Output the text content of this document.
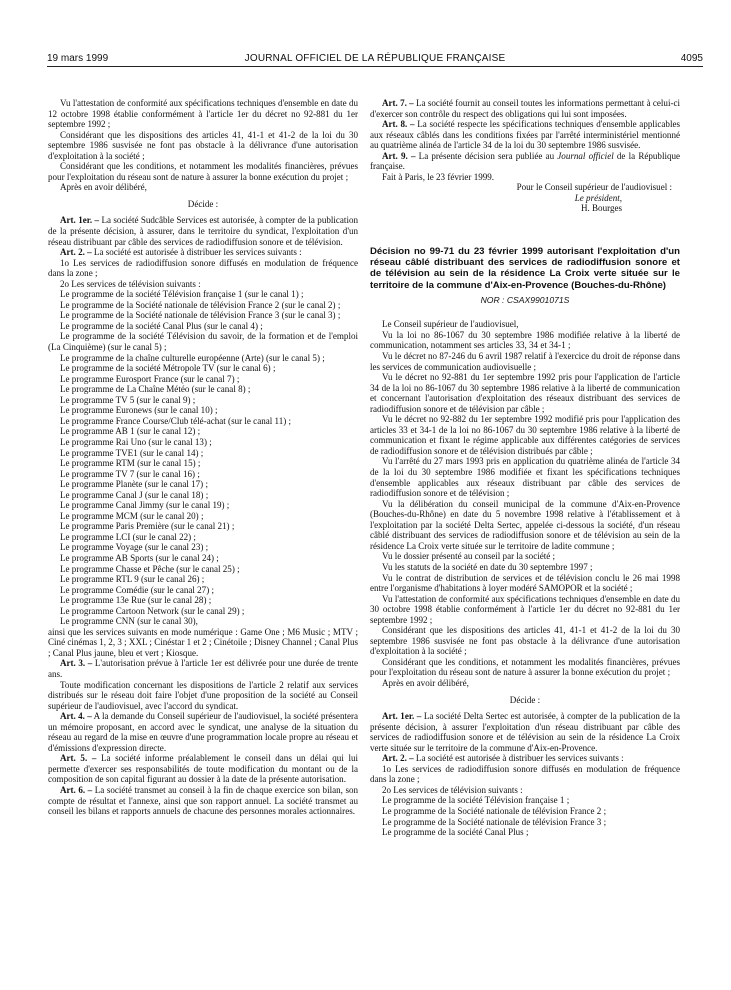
19 mars 1999	JOURNAL OFFICIEL DE LA RÉPUBLIQUE FRANÇAISE	4095

Vu l'attestation de conformité aux spécifications techniques d'ensemble en date du 12 octobre 1998 établie conformément à l'article 1er du décret no 92-881 du 1er septembre 1992 ;

Considérant que les dispositions des articles 41, 41-1 et 41-2 de la loi du 30 septembre 1986 susvisée ne font pas obstacle à la délivrance d'une autorisation d'exploitation à la société ;

Considérant que les conditions, et notamment les modalités financières, prévues pour l'exploitation du réseau sont de nature à assurer la bonne exécution du projet ;

Après en avoir délibéré,

Décide :

Art. 1er. – La société Sudcâble Services est autorisée, à compter de la publication de la présente décision, à assurer, dans le territoire du syndicat, l'exploitation d'un réseau distribuant par câble des services de radiodiffusion sonore et de télévision.

Art. 2. – La société est autorisée à distribuer les services suivants :

1o Les services de radiodiffusion sonore diffusés en modulation de fréquence dans la zone ;

2o Les services de télévision suivants :

Le programme de la société Télévision française 1 (sur le canal 1) ;

Le programme de la Société nationale de télévision France 2 (sur le canal 2) ;

Le programme de la Société nationale de télévision France 3 (sur le canal 3) ;

Le programme de la société Canal Plus (sur le canal 4) ;

Le programme de la société Télévision du savoir, de la formation et de l'emploi (La Cinquième) (sur le canal 5) ;

Le programme de la chaîne culturelle européenne (Arte) (sur le canal 5) ;

Le programme de la société Métropole TV (sur le canal 6) ;

Le programme Eurosport France (sur le canal 7) ;

Le programme de La Chaîne Météo (sur le canal 8) ;

Le programme TV 5 (sur le canal 9) ;

Le programme Euronews (sur le canal 10) ;

Le programme France Course/Club télé-achat (sur le canal 11) ;

Le programme AB 1 (sur le canal 12) ;

Le programme Rai Uno (sur le canal 13) ;

Le programme TVE1 (sur le canal 14) ;

Le programme RTM (sur le canal 15) ;

Le programme TV 7 (sur le canal 16) ;

Le programme Planète (sur le canal 17) ;

Le programme Canal J (sur le canal 18) ;

Le programme Canal Jimmy (sur le canal 19) ;

Le programme MCM (sur le canal 20) ;

Le programme Paris Première (sur le canal 21) ;

Le programme LCI (sur le canal 22) ;

Le programme Voyage (sur le canal 23) ;

Le programme AB Sports (sur le canal 24) ;

Le programme Chasse et Pêche (sur le canal 25) ;

Le programme RTL 9 (sur le canal 26) ;

Le programme Comédie (sur le canal 27) ;

Le programme 13e Rue (sur le canal 28) ;

Le programme Cartoon Network (sur le canal 29) ;

Le programme CNN (sur le canal 30),

ainsi que les services suivants en mode numérique : Game One ; M6 Music ; MTV ; Ciné cinémas 1, 2, 3 ; XXL ; Cinéstar 1 et 2 ; Cinétoile ; Disney Channel ; Canal Plus ; Canal Plus jaune, bleu et vert ; Kiosque.

Art. 3. – L'autorisation prévue à l'article 1er est délivrée pour une durée de trente ans.

Toute modification concernant les dispositions de l'article 2 relatif aux services distribués sur le réseau doit faire l'objet d'une proposition de la société au Conseil supérieur de l'audiovisuel, avec l'accord du syndicat.

Art. 4. – A la demande du Conseil supérieur de l'audiovisuel, la société présentera un mémoire proposant, en accord avec le syndicat, une analyse de la situation du réseau au regard de la mise en œuvre d'une programmation locale propre au réseau et d'émissions d'expression directe.

Art. 5. – La société informe préalablement le conseil dans un délai qui lui permette d'exercer ses responsabilités de toute modification du montant ou de la composition de son capital figurant au dossier à la date de la présente autorisation.

Art. 6. – La société transmet au conseil à la fin de chaque exercice son bilan, son compte de résultat et l'annexe, ainsi que son rapport annuel. La société transmet au conseil les bilans et rapports annuels de chacune des personnes morales actionnaires.

Art. 7. – La société fournit au conseil toutes les informations permettant à celui-ci d'exercer son contrôle du respect des obligations qui lui sont imposées.

Art. 8. – La société respecte les spécifications techniques d'ensemble applicables aux réseaux câblés dans les conditions fixées par l'arrêté interministériel mentionné au quatrième alinéa de l'article 34 de la loi du 30 septembre 1986 susvisée.

Art. 9. – La présente décision sera publiée au Journal officiel de la République française.

Fait à Paris, le 23 février 1999.

Pour le Conseil supérieur de l'audiovisuel :

Le président,

H. Bourges

Décision no 99-71 du 23 février 1999 autorisant l'exploitation d'un réseau câblé distribuant des services de radiodiffusion sonore et de télévision au sein de la résidence La Croix verte située sur le territoire de la commune d'Aix-en-Provence (Bouches-du-Rhône)
NOR : CSAX9901071S

Le Conseil supérieur de l'audiovisuel,

Vu la loi no 86-1067 du 30 septembre 1986 modifiée relative à la liberté de communication, notamment ses articles 33, 34 et 34-1 ;

Vu le décret no 87-246 du 6 avril 1987 relatif à l'exercice du droit de réponse dans les services de communication audiovisuelle ;

Vu le décret no 92-881 du 1er septembre 1992 pris pour l'application de l'article 34 de la loi no 86-1067 du 30 septembre 1986 relative à la liberté de communication et concernant l'autorisation d'exploitation des réseaux distribuant des services de radiodiffusion sonore et de télévision par câble ;

Vu le décret no 92-882 du 1er septembre 1992 modifié pris pour l'application des articles 33 et 34-1 de la loi no 86-1067 du 30 septembre 1986 relative à la liberté de communication et fixant le régime applicable aux différentes catégories de services de radiodiffusion sonore et de télévision distribués par câble ;

Vu l'arrêté du 27 mars 1993 pris en application du quatrième alinéa de l'article 34 de la loi du 30 septembre 1986 modifiée et fixant les spécifications techniques d'ensemble applicables aux réseaux distribuant par câble des services de radiodiffusion sonore et de télévision ;

Vu la délibération du conseil municipal de la commune d'Aix-en-Provence (Bouches-du-Rhône) en date du 5 novembre 1998 relative à l'établissement et à l'exploitation par la société Delta Sertec, appelée ci-dessous la société, d'un réseau câblé distribuant des services de radiodiffusion sonore et de télévision au sein de la résidence La Croix verte située sur le territoire de ladite commune ;

Vu le dossier présenté au conseil par la société ;

Vu les statuts de la société en date du 30 septembre 1997 ;

Vu le contrat de distribution de services et de télévision conclu le 26 mai 1998 entre l'organisme d'habitations à loyer modéré SAMOPOR et la société ;

Vu l'attestation de conformité aux spécifications techniques d'ensemble en date du 30 octobre 1998 établie conformément à l'article 1er du décret no 92-881 du 1er septembre 1992 ;

Considérant que les dispositions des articles 41, 41-1 et 41-2 de la loi du 30 septembre 1986 susvisée ne font pas obstacle à la délivrance d'une autorisation d'exploitation à la société ;

Considérant que les conditions, et notamment les modalités financières, prévues pour l'exploitation du réseau sont de nature à assurer la bonne exécution du projet ;

Après en avoir délibéré,

Décide :

Art. 1er. – La société Delta Sertec est autorisée, à compter de la publication de la présente décision, à assurer l'exploitation d'un réseau distribuant par câble des services de radiodiffusion sonore et de télévision au sein de la résidence La Croix verte située sur le territoire de la commune d'Aix-en-Provence.

Art. 2. – La société est autorisée à distribuer les services suivants :

1o Les services de radiodiffusion sonore diffusés en modulation de fréquence dans la zone ;

2o Les services de télévision suivants :

Le programme de la société Télévision française 1 ;

Le programme de la Société nationale de télévision France 2 ;

Le programme de la Société nationale de télévision France 3 ;

Le programme de la société Canal Plus ;
